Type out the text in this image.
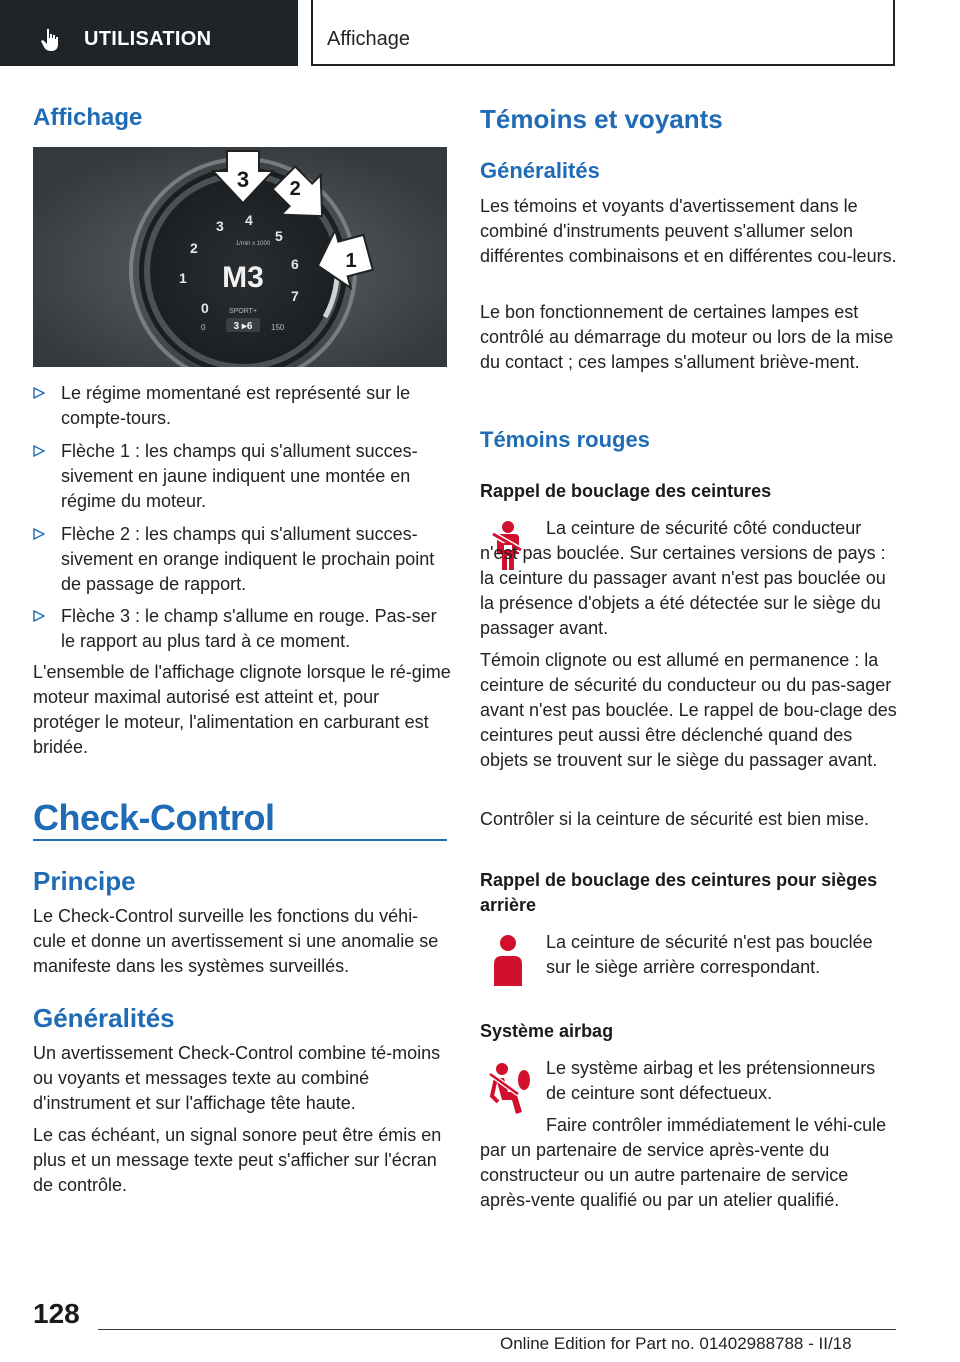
UTILISATION	Affichage
Affichage
0
1
2
3 4
5
6
7
1/min x 1000
M3
SPORT+
3 ▸6
0	150
3 2
1
Le régime momentané est représenté sur le compte-tours.
Flèche 1 : les champs qui s'allument succes-sivement en jaune indiquent une montée en régime du moteur.
Flèche 2 : les champs qui s'allument succes-sivement en orange indiquent le prochain point de passage de rapport.
Flèche 3 : le champ s'allume en rouge. Pas-ser le rapport au plus tard à ce moment.

L'ensemble de l'affichage clignote lorsque le ré-gime moteur maximal autorisé est atteint et, pour protéger le moteur, l'alimentation en carburant est bridée.

Check-Control
Principe

Le Check-Control surveille les fonctions du véhi-cule et donne un avertissement si une anomalie se manifeste dans les systèmes surveillés.

Généralités

Un avertissement Check-Control combine té-moins ou voyants et messages texte au combiné d'instrument et sur l'affichage tête haute.

Le cas échéant, un signal sonore peut être émis en plus et un message texte peut s'afficher sur l'écran de contrôle.

Témoins et voyants
Généralités

Les témoins et voyants d'avertissement dans le combiné d'instruments peuvent s'allumer selon différentes combinaisons et en différentes cou-leurs.

Le bon fonctionnement de certaines lampes est contrôlé au démarrage du moteur ou lors de la mise du contact ; ces lampes s'allument briève-ment.

Témoins rouges
Rappel de bouclage des ceintures

La ceinture de sécurité côté conducteur n'est pas bouclée. Sur certaines versions de pays : la ceinture du passager avant n'est pas bouclée ou la présence d'objets a été détectée sur le siège du passager avant.

Témoin clignote ou est allumé en permanence : la ceinture de sécurité du conducteur ou du pas-sager avant n'est pas bouclée. Le rappel de bou-clage des ceintures peut aussi être déclenché quand des objets se trouvent sur le siège du passager avant.

Contrôler si la ceinture de sécurité est bien mise.

Rappel de bouclage des ceintures pour sièges arrière

La ceinture de sécurité n'est pas bouclée sur le siège arrière correspondant.

Système airbag

Le système airbag et les prétensionneurs de ceinture sont défectueux.

Faire contrôler immédiatement le véhi-cule par un partenaire de service après-vente du constructeur ou un autre partenaire de service après-vente qualifié ou par un atelier qualifié.

128
Online Edition for Part no. 01402988788 - II/18
